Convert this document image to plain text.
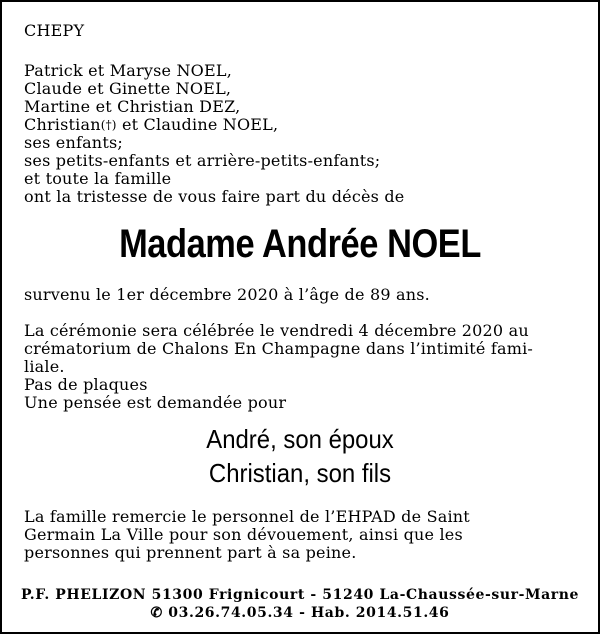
CHEPY
Patrick et Maryse NOEL,
Claude et Ginette NOEL,
Martine et Christian DEZ,
Christian(†) et Claudine NOEL,
ses enfants;
ses petits-enfants et arrière-petits-enfants;
et toute la famille
ont la tristesse de vous faire part du décès de
Madame Andrée NOEL
survenu le 1er décembre 2020 à l’âge de 89 ans.
La cérémonie sera célébrée le vendredi 4 décembre 2020 au
crématorium de Chalons En Champagne dans l’intimité fami-
liale.
Pas de plaques
Une pensée est demandée pour
André, son époux
Christian, son fils
La famille remercie le personnel de l’EHPAD de Saint
Germain La Ville pour son dévouement, ainsi que les
personnes qui prennent part à sa peine.
P.F. PHELIZON 51300 Frignicourt - 51240 La-Chaussée-sur-Marne
✆ 03.26.74.05.34 - Hab. 2014.51.46
